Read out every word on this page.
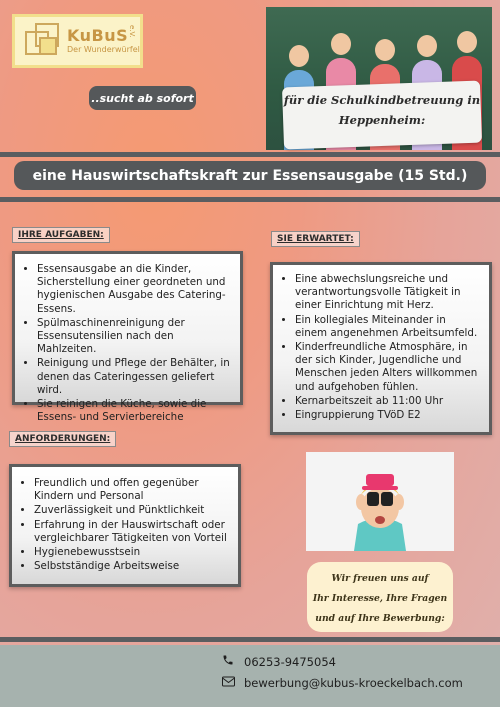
KuBuS
Der Wunderwürfel
e.V.
..sucht ab sofort	für die Schulkindbetreuung in
Heppenheim:
eine Hauswirtschaftskraft zur Essensausgabe (15 Std.)
IHRE AUFGABEN:
• Essensausgabe an die Kinder, Sicherstellung einer geordneten und hygienischen Ausgabe des Catering-Essens.
• Spülmaschinenreinigung der Essensutensilien nach den Mahlzeiten.
• Reinigung und Pflege der Behälter, in denen das Cateringessen geliefert wird.
• Sie reinigen die Küche, sowie die Essens- und Servierbereiche
SIE ERWARTET:
• Eine abwechslungsreiche und verantwortungsvolle Tätigkeit in einer Einrichtung mit Herz.
• Ein kollegiales Miteinander in einem angenehmen Arbeitsumfeld.
• Kinderfreundliche Atmosphäre, in der sich Kinder, Jugendliche und Menschen jeden Alters willkommen und aufgehoben fühlen.
• Kernarbeitszeit ab 11:00 Uhr
• Eingruppierung TVöD E2
ANFORDERUNGEN:
• Freundlich und offen gegenüber Kindern und Personal
• Zuverlässigkeit und Pünktlichkeit
• Erfahrung in der Hauswirtschaft oder vergleichbarer Tätigkeiten von Vorteil
• Hygienebewusstsein
• Selbstständige Arbeitsweise
Wir freuen uns auf
Ihr Interesse, Ihre Fragen
und auf Ihre Bewerbung:
06253-9475054
bewerbung@kubus-kroeckelbach.com
